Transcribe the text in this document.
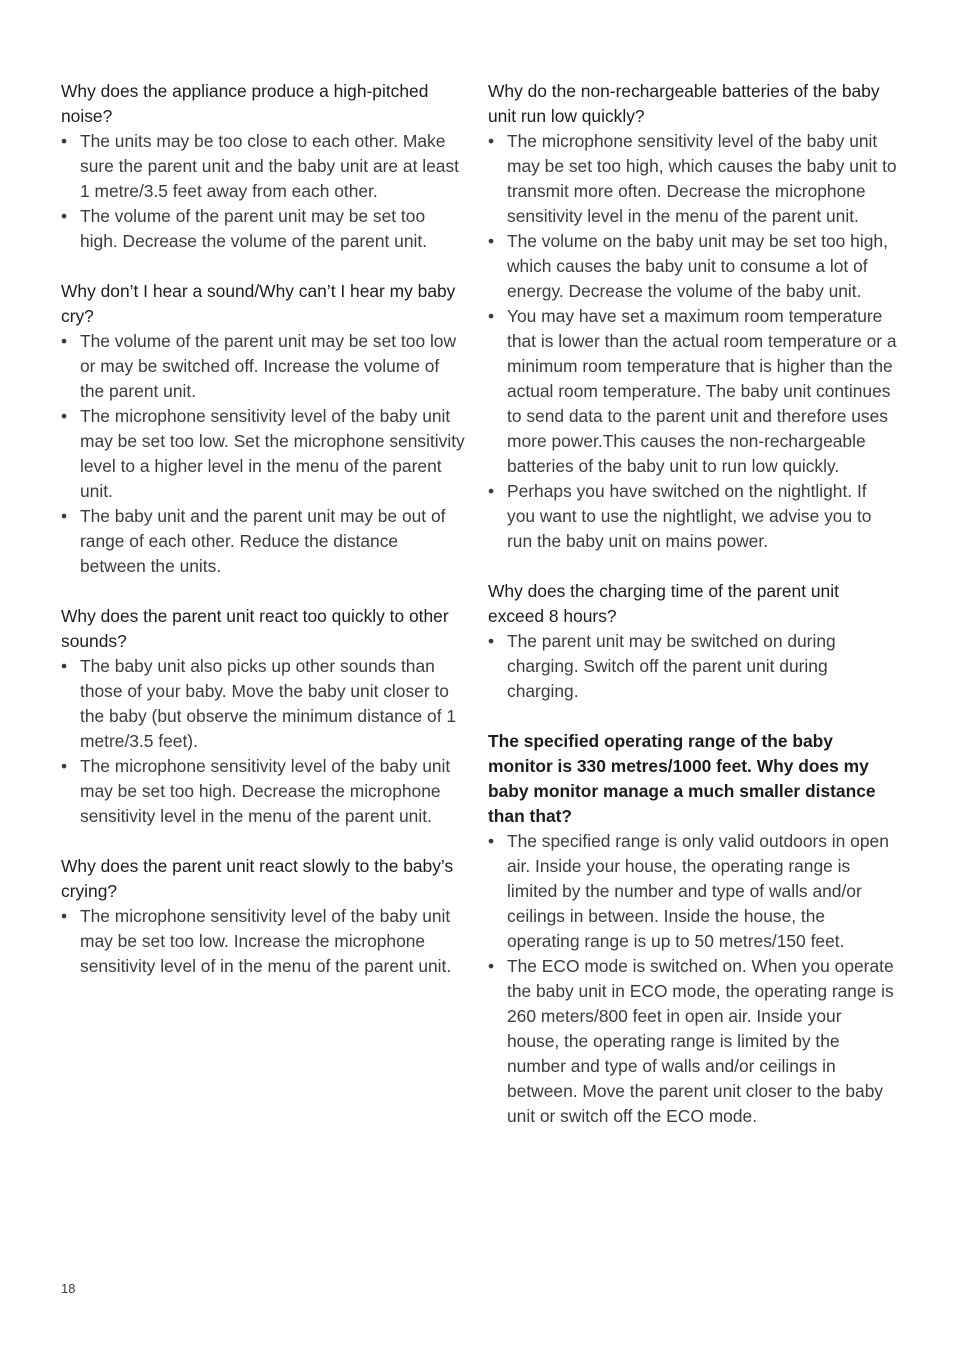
Why does the appliance produce a high-pitched noise?
• The units may be too close to each other. Make sure the parent unit and the baby unit are at least 1 metre/3.5 feet away from each other.
• The volume of the parent unit may be set too high. Decrease the volume of the parent unit.
Why don’t I hear a sound/Why can’t I hear my baby cry?
• The volume of the parent unit may be set too low or may be switched off. Increase the volume of the parent unit.
• The microphone sensitivity level of the baby unit may be set too low. Set the microphone sensitivity level to a higher level in the menu of the parent unit.
• The baby unit and the parent unit may be out of range of each other. Reduce the distance between the units.
Why does the parent unit react too quickly to other sounds?
• The baby unit also picks up other sounds than those of your baby. Move the baby unit closer to the baby (but observe the minimum distance of 1 metre/3.5 feet).
• The microphone sensitivity level of the baby unit may be set too high. Decrease the microphone sensitivity level in the menu of the parent unit.
Why does the parent unit react slowly to the baby’s crying?
• The microphone sensitivity level of the baby unit may be set too low. Increase the microphone sensitivity level of in the menu of the parent unit.
Why do the non-rechargeable batteries of the baby unit run low quickly?
• The microphone sensitivity level of the baby unit may be set too high, which causes the baby unit to transmit more often. Decrease the microphone sensitivity level in the menu of the parent unit.
• The volume on the baby unit may be set too high, which causes the baby unit to consume a lot of energy. Decrease the volume of the baby unit.
• You may have set a maximum room temperature that is lower than the actual room temperature or a minimum room temperature that is higher than the actual room temperature. The baby unit continues to send data to the parent unit and therefore uses more power.This causes the non-rechargeable batteries of the baby unit to run low quickly.
• Perhaps you have switched on the nightlight. If you want to use the nightlight, we advise you to run the baby unit on mains power.
Why does the charging time of the parent unit exceed 8 hours?
• The parent unit may be switched on during charging. Switch off the parent unit during charging.
The specified operating range of the baby monitor is 330 metres/1000 feet. Why does my baby monitor manage a much smaller distance than that?
• The specified range is only valid outdoors in open air. Inside your house, the operating range is limited by the number and type of walls and/or ceilings in between. Inside the house, the operating range is up to 50 metres/150 feet.
• The ECO mode is switched on. When you operate the baby unit in ECO mode, the operating range is 260 meters/800 feet in open air. Inside your house, the operating range is limited by the number and type of walls and/or ceilings in between. Move the parent unit closer to the baby unit or switch off the ECO mode.
18
